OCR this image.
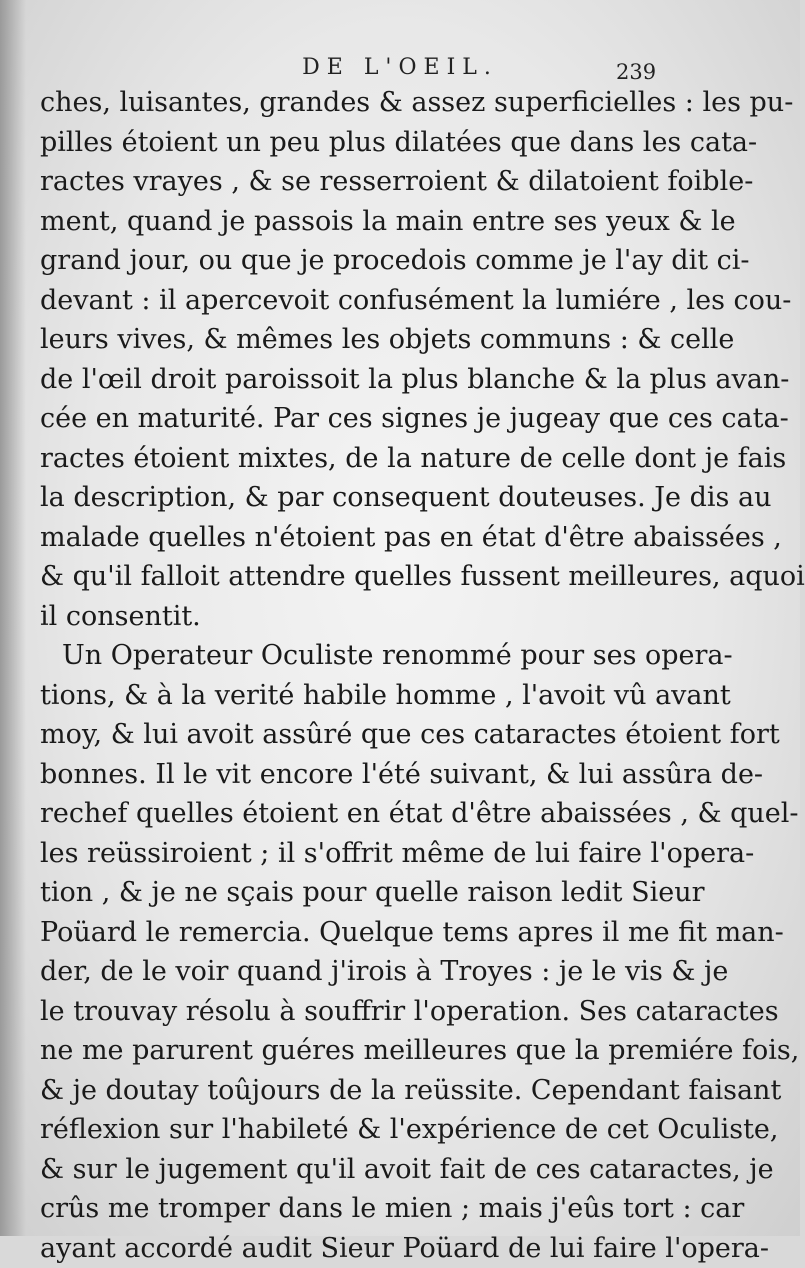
DE L'OEIL.	239
ches, luisantes, grandes & assez superficielles : les pu-
pilles étoient un peu plus dilatées que dans les cata-
ractes vrayes , & se resserroient & dilatoient foible-
ment, quand je passois la main entre ses yeux & le
grand jour, ou que je procedois comme je l'ay dit ci-
devant : il apercevoit confusément la lumiére , les cou-
leurs vives, & mêmes les objets communs : & celle
de l'œil droit paroissoit la plus blanche & la plus avan-
cée en maturité. Par ces signes je jugeay que ces cata-
ractes étoient mixtes, de la nature de celle dont je fais
la description, & par consequent douteuses. Je dis au
malade quelles n'étoient pas en état d'être abaissées ,
& qu'il falloit attendre quelles fussent meilleures, aquoi
il consentit.
Un Operateur Oculiste renommé pour ses opera-
tions, & à la verité habile homme , l'avoit vû avant
moy, & lui avoit assûré que ces cataractes étoient fort
bonnes. Il le vit encore l'été suivant, & lui assûra de-
rechef quelles étoient en état d'être abaissées , & quel-
les reüssiroient ; il s'offrit même de lui faire l'opera-
tion , & je ne sçais pour quelle raison ledit Sieur
Poüard le remercia. Quelque tems apres il me fit man-
der, de le voir quand j'irois à Troyes : je le vis & je
le trouvay résolu à souffrir l'operation. Ses cataractes
ne me parurent guéres meilleures que la premiére fois,
& je doutay toûjours de la reüssite. Cependant faisant
réflexion sur l'habileté & l'expérience de cet Oculiste,
& sur le jugement qu'il avoit fait de ces cataractes, je
crûs me tromper dans le mien ; mais j'eûs tort : car
ayant accordé audit Sieur Poüard de lui faire l'opera-
